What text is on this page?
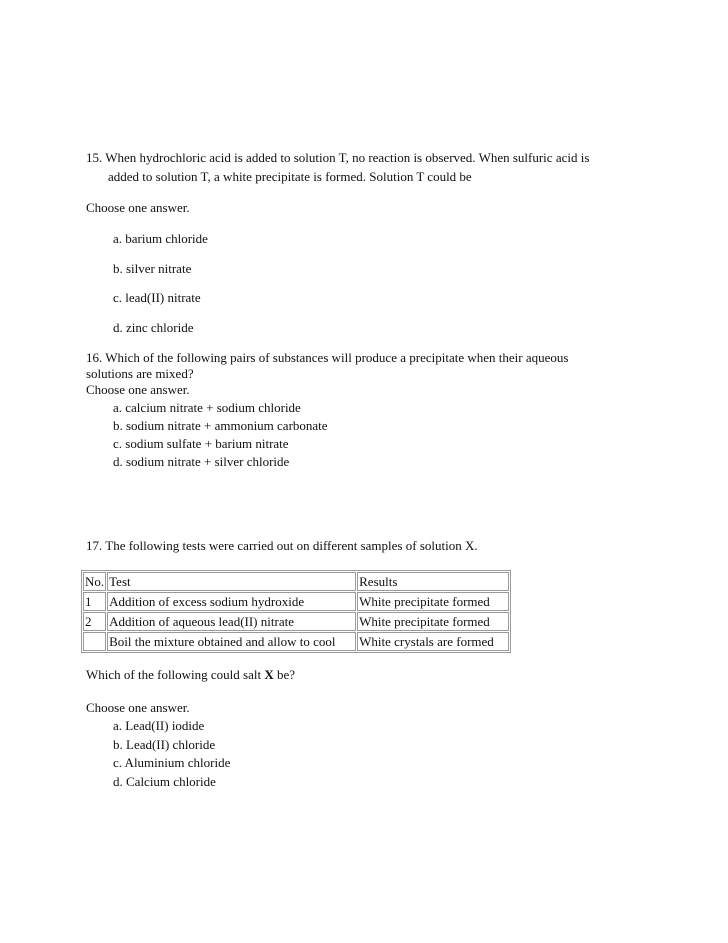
15. When hydrochloric acid is added to solution T, no reaction is observed. When sulfuric acid is
added to solution T, a white precipitate is formed. Solution T could be
Choose one answer.
a. barium chloride
b. silver nitrate
c. lead(II) nitrate
d. zinc chloride
16. Which of the following pairs of substances will produce a precipitate when their aqueous
solutions are mixed?
Choose one answer.
a. calcium nitrate + sodium chloride
b. sodium nitrate + ammonium carbonate
c. sodium sulfate + barium nitrate
d. sodium nitrate + silver chloride
17. The following tests were carried out on different samples of solution X.
No.	Test	Results
1	Addition of excess sodium hydroxide	White precipitate formed
2	Addition of aqueous lead(II) nitrate	White precipitate formed
	Boil the mixture obtained and allow to cool	White crystals are formed
Which of the following could salt X be?
Choose one answer.
a. Lead(II) iodide
b. Lead(II) chloride
c. Aluminium chloride
d. Calcium chloride
